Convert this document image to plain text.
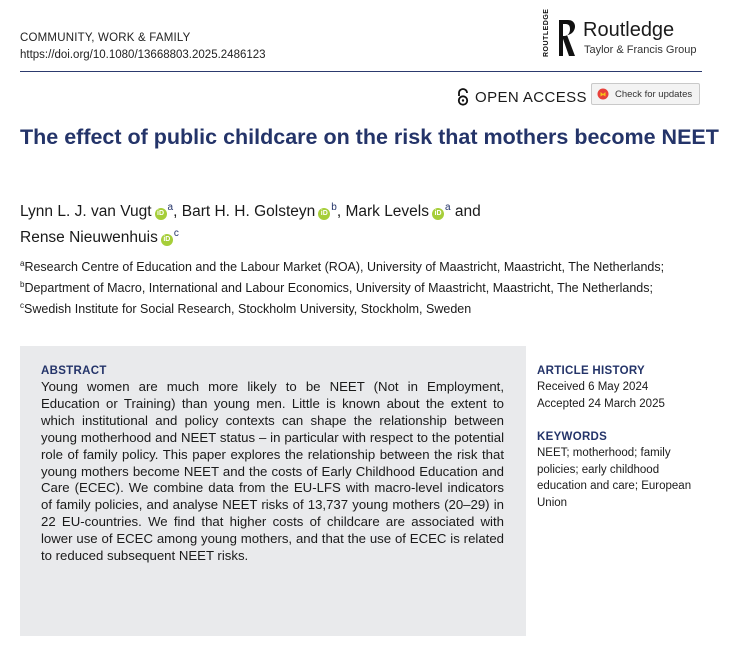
COMMUNITY, WORK & FAMILY
https://doi.org/10.1080/13668803.2025.2486123	ROUTLEDGE Routledge
Taylor & Francis Group
OPEN ACCESS	Check for updates
The effect of public childcare on the risk that mothers become NEET
Lynn L. J. van Vugt $iD^a$, Bart H. H. Golsteyn $iD^b$, Mark Levels $iD^a$ and
Rense Nieuwenhuis $iD^c$
$^a$Research Centre of Education and the Labour Market (ROA), University of Maastricht, Maastricht, The Netherlands; $^b$Department of Macro, International and Labour Economics, University of Maastricht, Maastricht, The Netherlands; $^c$Swedish Institute for Social Research, Stockholm University, Stockholm, Sweden
ABSTRACT
Young women are much more likely to be NEET (Not in Employment, Education or Training) than young men. Little is known about the extent to which institutional and policy contexts can shape the relationship between young motherhood and NEET status – in particular with respect to the potential role of family policy. This paper explores the relationship between the risk that young mothers become NEET and the costs of Early Childhood Education and Care (ECEC). We combine data from the EU-LFS with macro-level indicators of family policies, and analyse NEET risks of 13,737 young mothers (20–29) in 22 EU-countries. We find that higher costs of childcare are associated with lower use of ECEC among young mothers, and that the use of ECEC is related to reduced subsequent NEET risks.
ARTICLE HISTORY
Received 6 May 2024
Accepted 24 March 2025
KEYWORDS
NEET; motherhood; family policies; early childhood education and care; European Union
